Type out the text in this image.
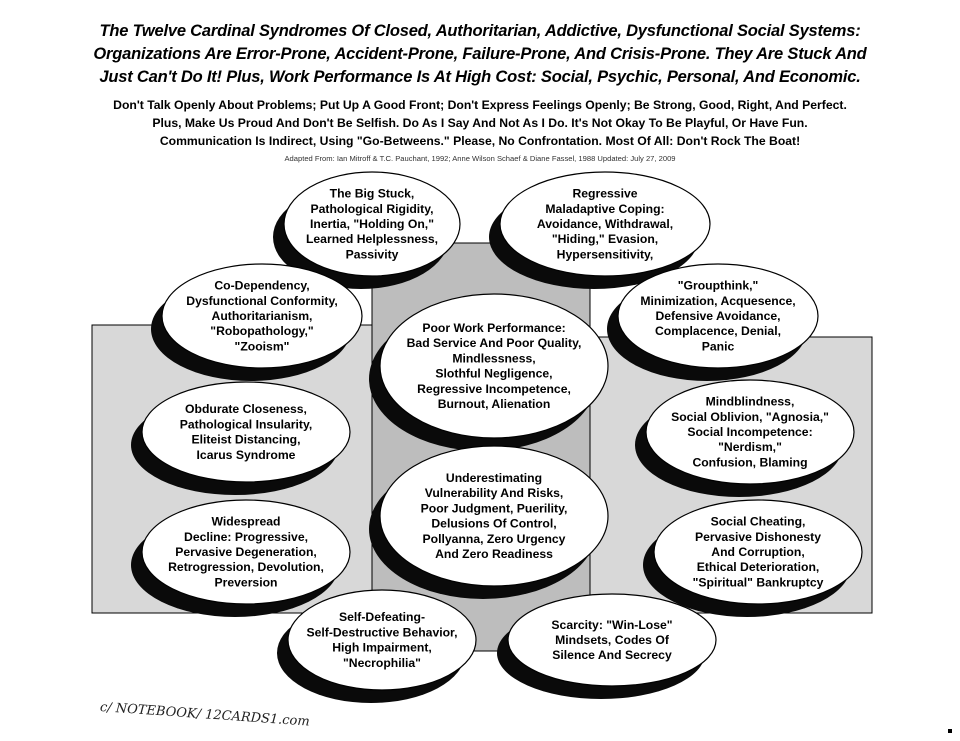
The Twelve Cardinal Syndromes Of Closed, Authoritarian, Addictive, Dysfunctional Social Systems:
Organizations Are Error-Prone, Accident-Prone, Failure-Prone, And Crisis-Prone. They Are Stuck And
Just Can't Do It! Plus, Work Performance Is At High Cost: Social, Psychic, Personal, And Economic.
Don't Talk Openly About Problems; Put Up A Good Front; Don't Express Feelings Openly; Be Strong, Good, Right, And Perfect.
Plus, Make Us Proud And Don't Be Selfish. Do As I Say And Not As I Do. It's Not Okay To Be Playful, Or Have Fun.
Communication Is Indirect, Using "Go-Betweens." Please, No Confrontation. Most Of All: Don't Rock The Boat!
Adapted From: Ian Mitroff & T.C. Pauchant, 1992; Anne Wilson Schaef & Diane Fassel, 1988 Updated: July 27, 2009
The Big Stuck,
Pathological Rigidity,
Inertia, "Holding On,"
Learned Helplessness,
Passivity
Regressive
Maladaptive Coping:
Avoidance, Withdrawal,
"Hiding," Evasion,
Hypersensitivity,
Co-Dependency,
Dysfunctional Conformity,
Authoritarianism,
"Robopathology,"
"Zooism"
"Groupthink,"
Minimization, Acquesence,
Defensive Avoidance,
Complacence, Denial,
Panic
Poor Work Performance:
Bad Service And Poor Quality,
Mindlessness,
Slothful Negligence,
Regressive Incompetence,
Burnout, Alienation
Obdurate Closeness,
Pathological Insularity,
Eliteist Distancing,
Icarus Syndrome
Mindblindness,
Social Oblivion, "Agnosia,"
Social Incompetence:
"Nerdism,"
Confusion, Blaming
Underestimating
Vulnerability And Risks,
Poor Judgment, Puerility,
Delusions Of Control,
Pollyanna, Zero Urgency
And Zero Readiness
Widespread
Decline: Progressive,
Pervasive Degeneration,
Retrogression, Devolution,
Preversion
Social Cheating,
Pervasive Dishonesty
And Corruption,
Ethical Deterioration,
"Spiritual" Bankruptcy
Self-Defeating-
Self-Destructive Behavior,
High Impairment,
"Necrophilia"
Scarcity: "Win-Lose"
Mindsets, Codes Of
Silence And Secrecy
c/ NOTEBOOK/ 12CARDS1.com
